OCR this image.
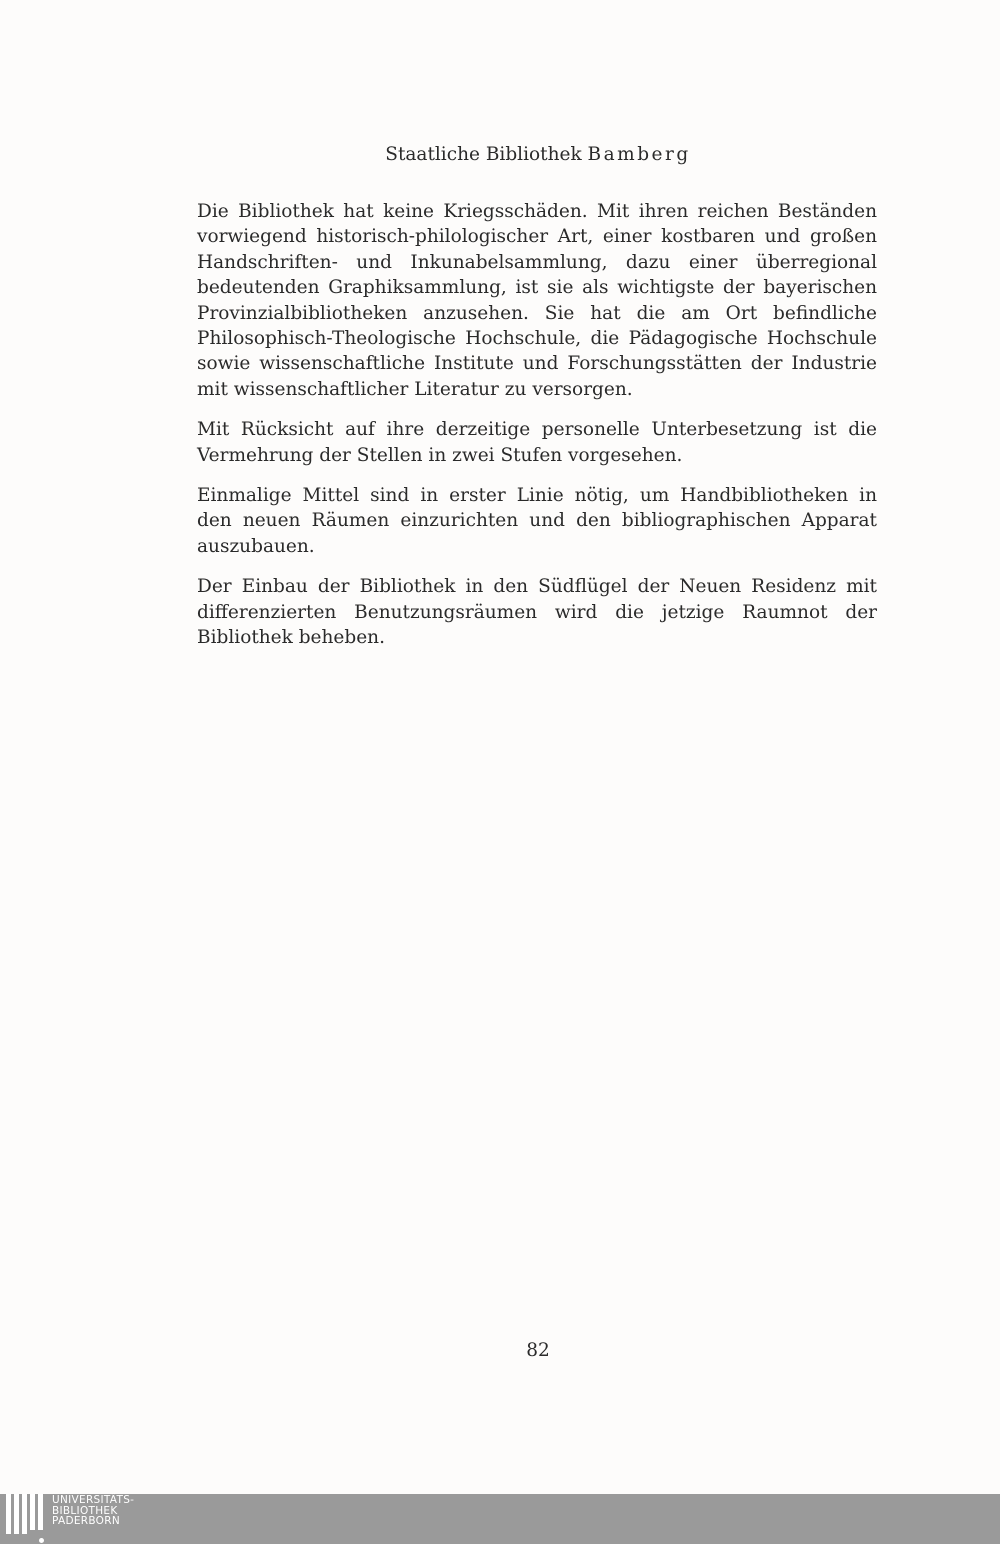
Staatliche Bibliothek Bamberg

Die Bibliothek hat keine Kriegsschäden. Mit ihren reichen Beständen
vorwiegend historisch-philologischer Art, einer kostbaren und großen
Handschriften- und Inkunabelsammlung, dazu einer überregional
bedeutenden Graphiksammlung, ist sie als wichtigste der bayerischen
Provinzialbibliotheken anzusehen. Sie hat die am Ort befindliche
Philosophisch-Theologische Hochschule, die Pädagogische Hochschule
sowie wissenschaftliche Institute und Forschungsstätten der Industrie
mit wissenschaftlicher Literatur zu versorgen.

Mit Rücksicht auf ihre derzeitige personelle Unterbesetzung ist die
Vermehrung der Stellen in zwei Stufen vorgesehen.

Einmalige Mittel sind in erster Linie nötig, um Handbibliotheken in
den neuen Räumen einzurichten und den bibliographischen Apparat
auszubauen.

Der Einbau der Bibliothek in den Südflügel der Neuen Residenz mit
differenzierten Benutzungsräumen wird die jetzige Raumnot der
Bibliothek beheben.

82
UNIVERSITÄTS-
BIBLIOTHEK
PADERBORN
